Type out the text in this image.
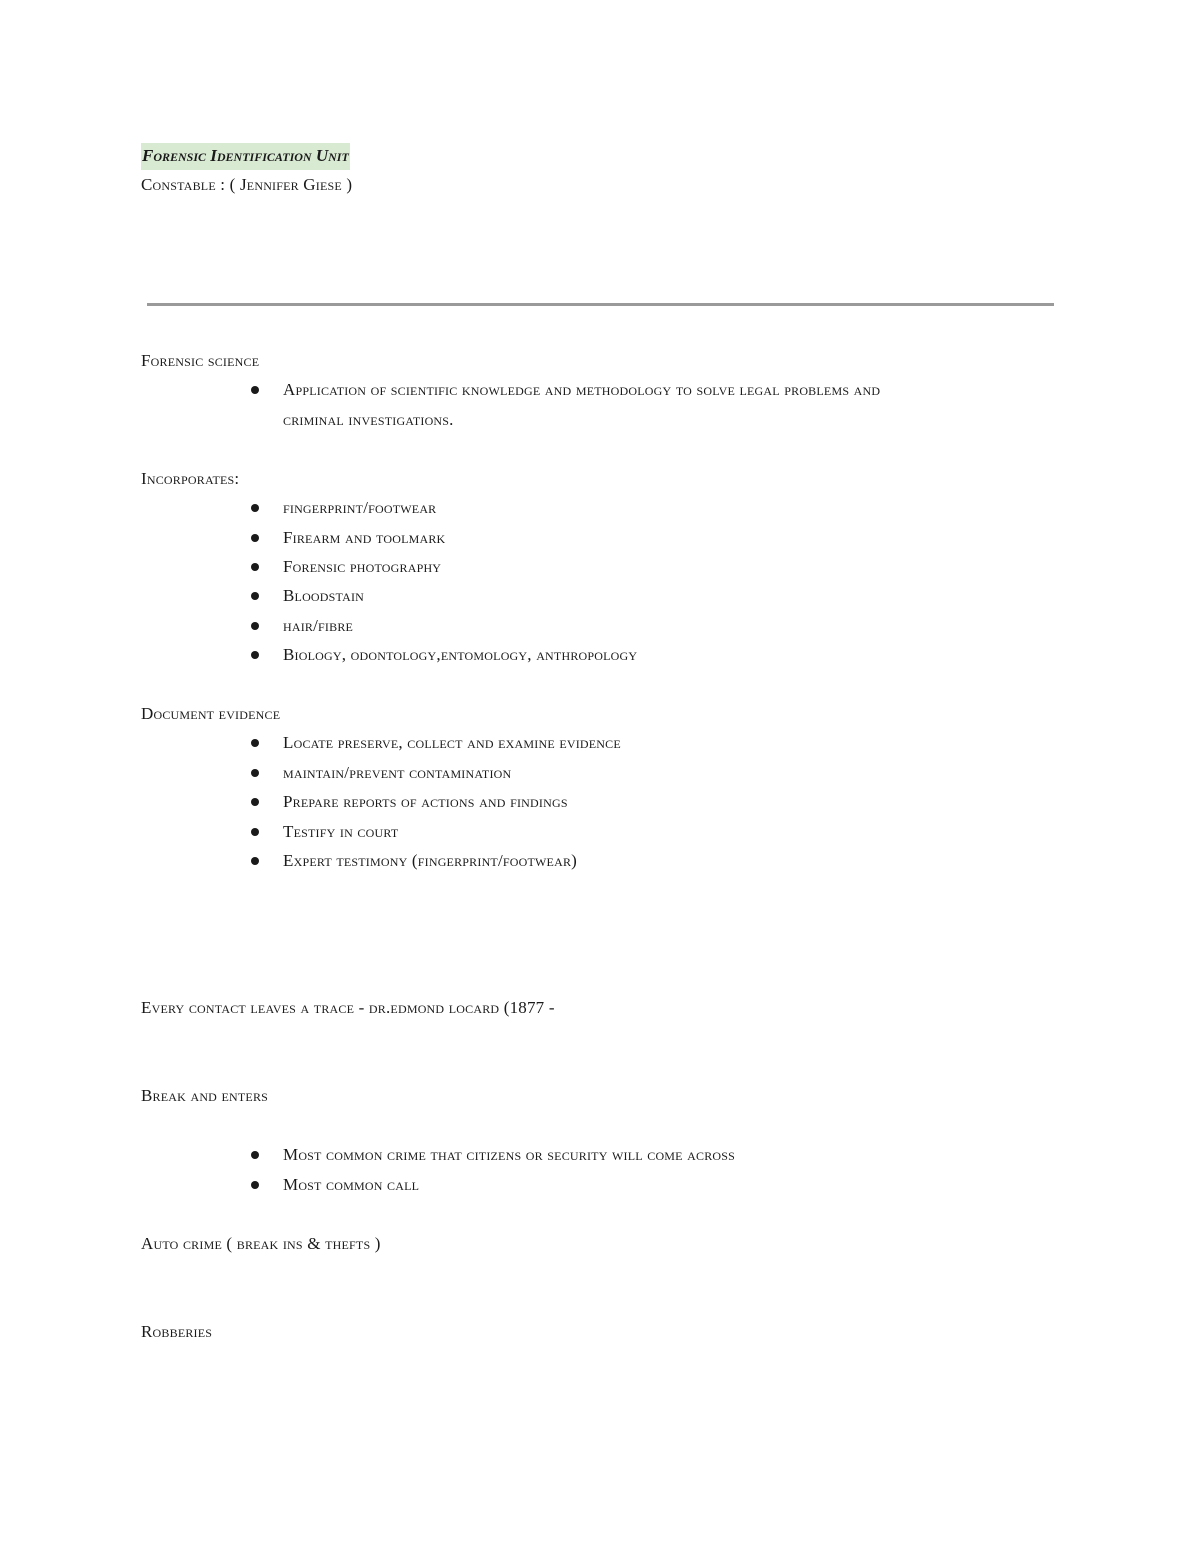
Forensic Identification Unit
Constable : ( Jennifer Giese )
Forensic science
Application of scientific knowledge and methodology to solve legal problems and
criminal investigations.
Incorporates:
fingerprint/footwear
Firearm and toolmark
Forensic photography
Bloodstain
hair/fibre
Biology, odontology,entomology, anthropology
Document evidence
Locate preserve, collect and examine evidence
maintain/prevent contamination
Prepare reports of actions and findings
Testify in court
Expert testimony (fingerprint/footwear)
Every contact leaves a trace - dr.edmond locard (1877 -
Break and enters
Most common crime that citizens or security will come across
Most common call
Auto crime ( break ins & thefts )
Robberies
